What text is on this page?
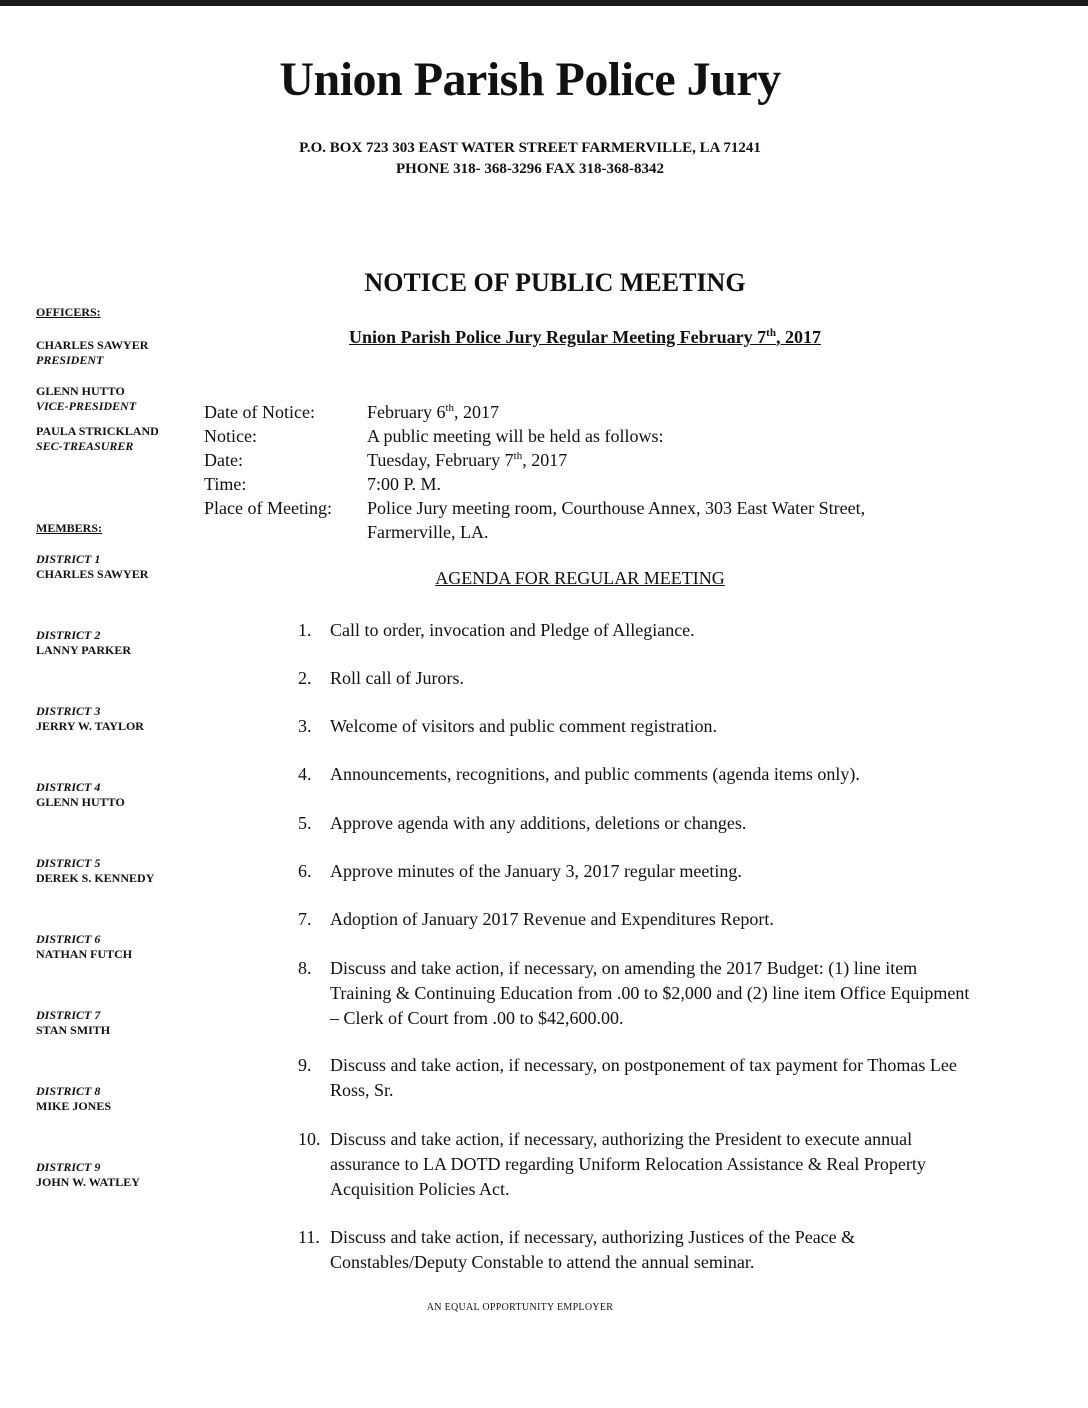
Union Parish Police Jury
P.O. BOX 723 303 EAST WATER STREET FARMERVILLE, LA 71241
PHONE 318- 368-3296 FAX 318-368-8342
NOTICE OF PUBLIC MEETING
Union Parish Police Jury Regular Meeting February 7th, 2017
OFFICERS:
CHARLES SAWYER
PRESIDENT
GLENN HUTTO
VICE-PRESIDENT
PAULA STRICKLAND
SEC-TREASURER
MEMBERS:
DISTRICT 1
CHARLES SAWYER
DISTRICT 2
LANNY PARKER
DISTRICT 3
JERRY W. TAYLOR
DISTRICT 4
GLENN HUTTO
DISTRICT 5
DEREK S. KENNEDY
DISTRICT 6
NATHAN FUTCH
DISTRICT 7
STAN SMITH
DISTRICT 8
MIKE JONES
DISTRICT 9
JOHN W. WATLEY
Date of Notice:	February 6th, 2017
Notice:	A public meeting will be held as follows:
Date:	Tuesday, February 7th, 2017
Time:	7:00 P. M.
Place of Meeting:	Police Jury meeting room, Courthouse Annex, 303 East Water Street, Farmerville, LA.
AGENDA FOR REGULAR MEETING
1.	Call to order, invocation and Pledge of Allegiance.
2.	Roll call of Jurors.
3.	Welcome of visitors and public comment registration.
4.	Announcements, recognitions, and public comments (agenda items only).
5.	Approve agenda with any additions, deletions or changes.
6.	Approve minutes of the January 3, 2017 regular meeting.
7.	Adoption of January 2017 Revenue and Expenditures Report.
8.	Discuss and take action, if necessary, on amending the 2017 Budget: (1) line item Training & Continuing Education from .00 to $2,000 and (2) line item Office Equipment – Clerk of Court from .00 to $42,600.00.
9.	Discuss and take action, if necessary, on postponement of tax payment for Thomas Lee Ross, Sr.
10. Discuss and take action, if necessary, authorizing the President to execute annual assurance to LA DOTD regarding Uniform Relocation Assistance & Real Property Acquisition Policies Act.
11. Discuss and take action, if necessary, authorizing Justices of the Peace & Constables/Deputy Constable to attend the annual seminar.
AN EQUAL OPPORTUNITY EMPLOYER
